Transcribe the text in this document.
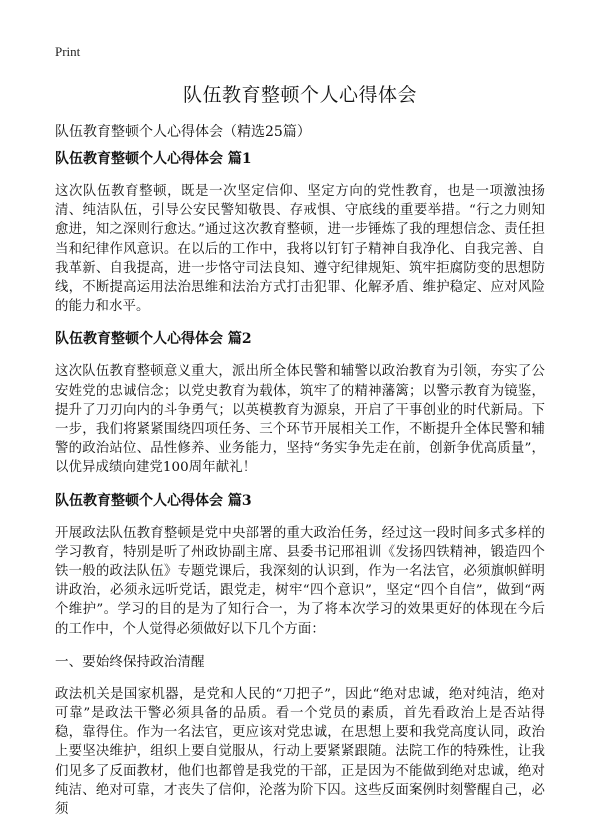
Print
队伍教育整顿个人心得体会

队伍教育整顿个人心得体会（精选25篇）

队伍教育整顿个人心得体会 篇1

这次队伍教育整顿，既是一次坚定信仰、坚定方向的党性教育，也是一项激浊扬清、纯洁队伍，引导公安民警知敬畏、存戒惧、守底线的重要举措。“行之力则知愈进，知之深则行愈达。”通过这次教育整顿，进一步锤炼了我的理想信念、责任担当和纪律作风意识。在以后的工作中，我将以钉钉子精神自我净化、自我完善、自我革新、自我提高，进一步恪守司法良知、遵守纪律规矩、筑牢拒腐防变的思想防线，不断提高运用法治思维和法治方式打击犯罪、化解矛盾、维护稳定、应对风险的能力和水平。

队伍教育整顿个人心得体会 篇2

这次队伍教育整顿意义重大，派出所全体民警和辅警以政治教育为引领，夯实了公安姓党的忠诚信念；以党史教育为载体，筑牢了的精神藩篱；以警示教育为镜鉴，提升了刀刃向内的斗争勇气；以英模教育为源泉，开启了干事创业的时代新局。下一步，我们将紧紧围绕四项任务、三个环节开展相关工作，不断提升全体民警和辅警的政治站位、品性修养、业务能力，坚持“务实争先走在前，创新争优高质量”，以优异成绩向建党100周年献礼！

队伍教育整顿个人心得体会 篇3

开展政法队伍教育整顿是党中央部署的重大政治任务，经过这一段时间多式多样的学习教育，特别是听了州政协副主席、县委书记邢祖训《发扬四铁精神，锻造四个铁一般的政法队伍》专题党课后，我深刻的认识到，作为一名法官，必须旗帜鲜明讲政治，必须永远听党话，跟党走，树牢“四个意识”，坚定“四个自信”，做到“两个维护”。学习的目的是为了知行合一，为了将本次学习的效果更好的体现在今后的工作中，个人觉得必须做好以下几个方面：

一、要始终保持政治清醒

政法机关是国家机器，是党和人民的“刀把子”，因此“绝对忠诚，绝对纯洁，绝对可靠”是政法干警必须具备的品质。看一个党员的素质，首先看政治上是否站得稳，靠得住。作为一名法官，更应该对党忠诚，在思想上要和我党高度认同，政治上要坚决维护，组织上要自觉服从，行动上要紧紧跟随。法院工作的特殊性，让我们见多了反面教材，他们也都曾是我党的干部，正是因为不能做到绝对忠诚，绝对纯洁、绝对可靠，才丧失了信仰，沦落为阶下囚。这些反面案例时刻警醒自己，必须
